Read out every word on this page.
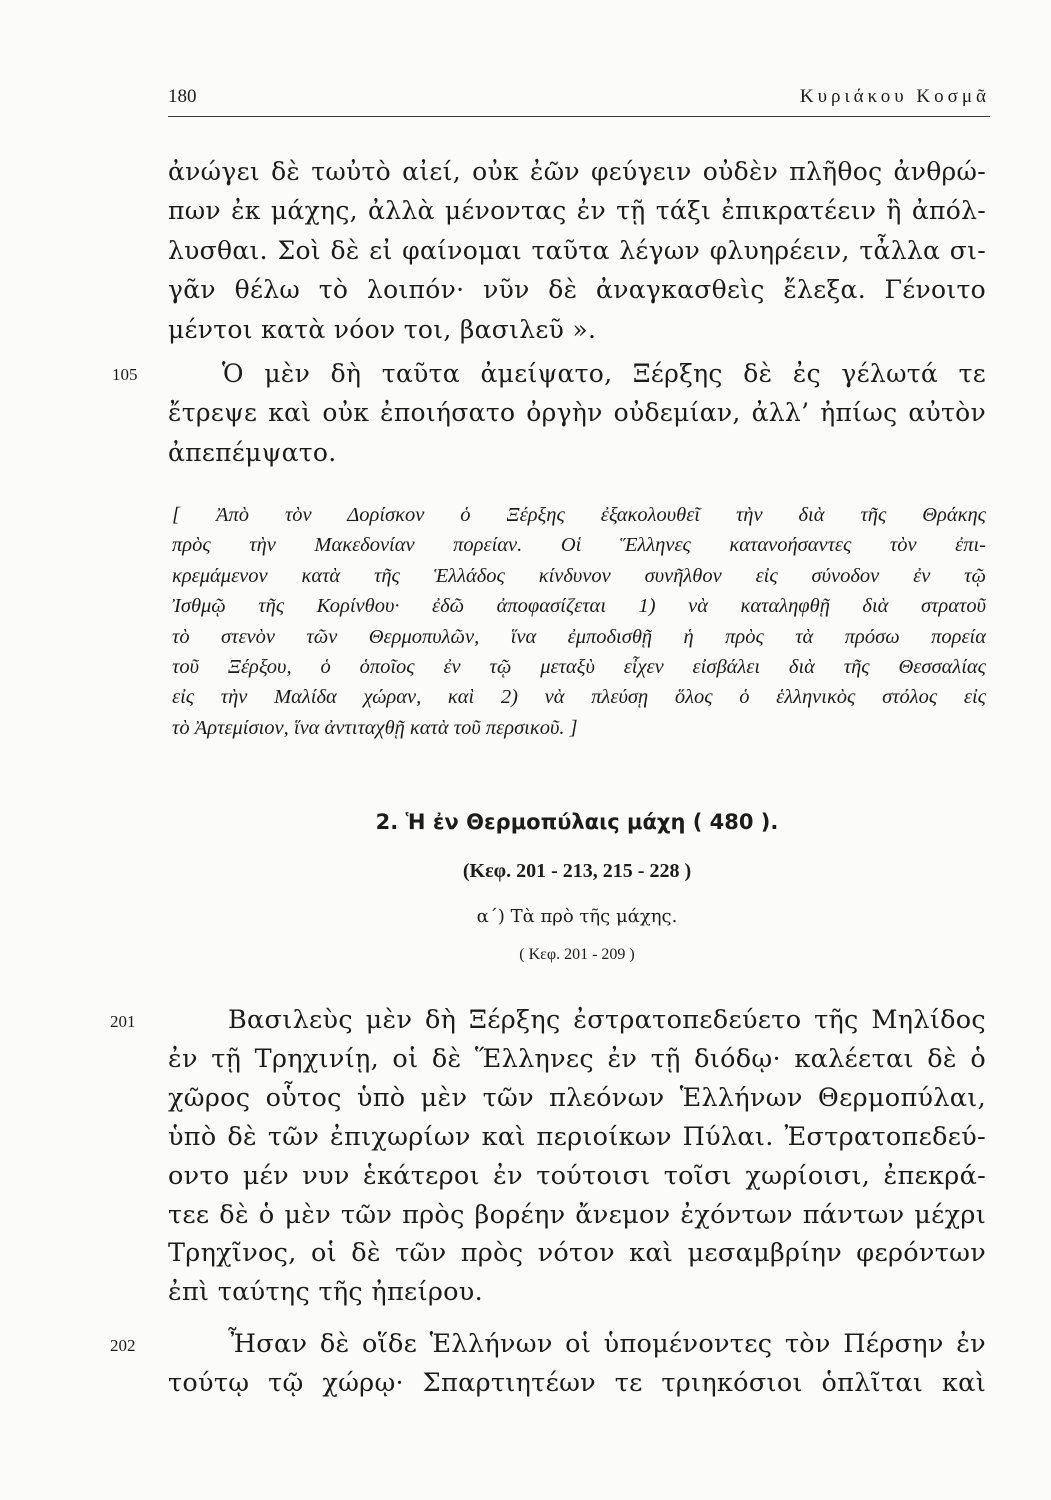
180	Κυριάκου Κοσμᾶ
ἀνώγει δὲ τωὐτὸ αἰεί, οὐκ ἐῶν φεύγειν οὐδὲν πλῆθος ἀνθρώ-
πων ἐκ μάχης, ἀλλὰ μένοντας ἐν τῇ τάξι ἐπικρατέειν ἢ ἀπόλ-
λυσθαι. Σοὶ δὲ εἰ φαίνομαι ταῦτα λέγων φλυηρέειν, τἆλλα σι-
γᾶν θέλω τὸ λοιπόν· νῦν δὲ ἀναγκασθεὶς ἔλεξα. Γένοιτο
μέντοι κατὰ νόον τοι, βασιλεῦ ».
105	Ὁ μὲν δὴ ταῦτα ἀμείψατο, Ξέρξης δὲ ἐς γέλωτά τε
ἔτρεψε καὶ οὐκ ἐποιήσατο ὀργὴν οὐδεμίαν, ἀλλ’ ἠπίως αὐτὸν
ἀπεπέμψατο.
[ Ἀπὸ τὸν Δορίσκον ὁ Ξέρξης ἐξακολουθεῖ τὴν διὰ τῆς Θράκης
πρὸς τὴν Μακεδονίαν πορείαν. Οἱ Ἕλληνες κατανοήσαντες τὸν ἐπι-
κρεμάμενον κατὰ τῆς Ἑλλάδος κίνδυνον συνῆλθον εἰς σύνοδον ἐν τῷ
Ἰσθμῷ τῆς Κορίνθου· ἐδῶ ἀποφασίζεται 1) νὰ καταληφθῇ διὰ στρατοῦ
τὸ στενὸν τῶν Θερμοπυλῶν, ἵνα ἐμποδισθῇ ἡ πρὸς τὰ πρόσω πορεία
τοῦ Ξέρξου, ὁ ὁποῖος ἐν τῷ μεταξὺ εἶχεν εἰσβάλει διὰ τῆς Θεσσαλίας
εἰς τὴν Μαλίδα χώραν, καὶ 2) νὰ πλεύσῃ ὅλος ὁ ἑλληνικὸς στόλος εἰς
τὸ Ἀρτεμίσιον, ἵνα ἀντιταχθῇ κατὰ τοῦ περσικοῦ. ]
2. Ἡ ἐν Θερμοπύλαις μάχη ( 480 ).
(Κεφ. 201 - 213, 215 - 228 )
α΄) Τὰ πρὸ τῆς μάχης.
( Κεφ. 201 - 209 )
201	Βασιλεὺς μὲν δὴ Ξέρξης ἐστρατοπεδεύετο τῆς Μηλίδος
ἐν τῇ Τρηχινίῃ, οἱ δὲ Ἕλληνες ἐν τῇ διόδῳ· καλέεται δὲ ὁ
χῶρος οὗτος ὑπὸ μὲν τῶν πλεόνων Ἑλλήνων Θερμοπύλαι,
ὑπὸ δὲ τῶν ἐπιχωρίων καὶ περιοίκων Πύλαι. Ἐστρατοπεδεύ-
οντο μέν νυν ἑκάτεροι ἐν τούτοισι τοῖσι χωρίοισι, ἐπεκρά-
τεε δὲ ὁ μὲν τῶν πρὸς βορέην ἄνεμον ἐχόντων πάντων μέχρι
Τρηχῖνος, οἱ δὲ τῶν πρὸς νότον καὶ μεσαμβρίην φερόντων
ἐπὶ ταύτης τῆς ἠπείρου.
202	Ἦσαν δὲ οἵδε Ἑλλήνων οἱ ὑπομένοντες τὸν Πέρσην ἐν
τούτῳ τῷ χώρῳ· Σπαρτιητέων τε τριηκόσιοι ὁπλῖται καὶ
